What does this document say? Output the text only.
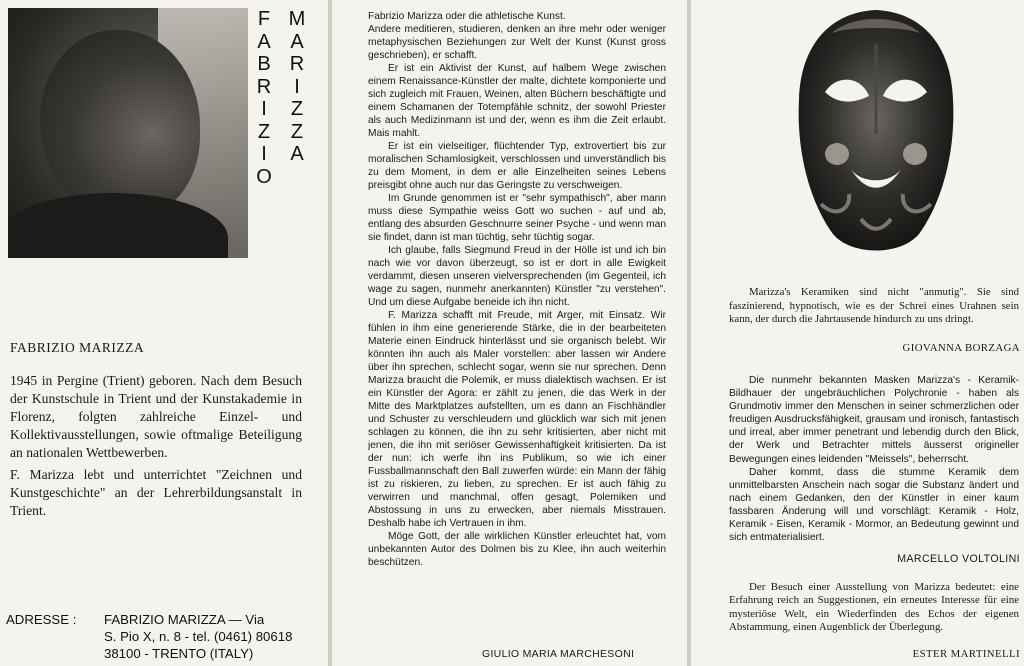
F
A
B
R
I
Z
I
O
M
A
R
I
Z
Z
A
FABRIZIO MARIZZA

1945 in Pergine (Trient) geboren. Nach dem Besuch der Kunstschule in Trient und der Kunstakademie in Florenz, folgten zahlreiche Einzel- und Kollektivausstellungen, sowie oftmalige Beteiligung an nationalen Wettbewerben.

F. Marizza lebt und unterrichtet "Zeichnen und Kunstgeschichte" an der Lehrerbildungsanstalt in Trient.

ADRESSE : FABRIZIO MARIZZA — Via
S. Pio X, n. 8 - tel. (0461) 80618
38100 - TRENTO (ITALY)

Fabrizio Marizza oder die athletische Kunst.

Andere meditieren, studieren, denken an ihre mehr oder weniger metaphysischen Beziehungen zur Welt der Kunst (Kunst gross geschrieben), er schafft.

Er ist ein Aktivist der Kunst, auf halbem Wege zwischen einem Renaissance-Künstler der malte, dichtete komponierte und sich zugleich mit Frauen, Weinen, alten Büchern beschäftigte und einem Schamanen der Totempfähle schnitz, der sowohl Priester als auch Medizinmann ist und der, wenn es ihm die Zeit erlaubt. Mais mahlt.

Er ist ein vielseitiger, flüchtender Typ, extrovertiert bis zur moralischen Schamlosigkeit, verschlossen und unverständlich bis zu dem Moment, in dem er alle Einzelheiten seines Lebens preisgibt ohne auch nur das Geringste zu verschweigen.

Im Grunde genommen ist er "sehr sympathisch", aber mann muss diese Sympathie weiss Gott wo suchen - auf und ab, entlang des absurden Geschnurre seiner Psyche - und wenn man sie findet, dann ist man tüchtig, sehr tüchtig sogar.

Ich glaube, falls Siegmund Freud in der Hölle ist und ich bin nach wie vor davon überzeugt, so ist er dort in alle Ewigkeit verdammt, diesen unseren vielversprechenden (im Gegenteil, ich wage zu sagen, nunmehr anerkannten) Künstler "zu verstehen". Und um diese Aufgabe beneide ich ihn nicht.

F. Marizza schafft mit Freude, mit Arger, mit Einsatz. Wir fühlen in ihm eine generierende Stärke, die in der bearbeiteten Materie einen Eindruck hinterlässt und sie organisch belebt. Wir könnten ihn auch als Maler vorstellen: aber lassen wir Andere über ihn sprechen, schlecht sogar, wenn sie nur sprechen. Denn Marizza braucht die Polemik, er muss dialektisch wachsen. Er ist ein Künstler der Agora: er zählt zu jenen, die das Werk in der Mitte des Marktplatzes aufstellten, um es dann an Fischhändler und Schuster zu verschleudern und glücklich war sich mit jenen schlagen zu können, die ihn zu sehr kritisierten, aber nicht mit jenen, die ihn mit seriöser Gewissenhaftigkeit kritisierten. Da ist der nun: ich werfe ihn ins Publikum, so wie ich einer Fussballmannschaft den Ball zuwerfen würde: ein Mann der fähig ist zu riskieren, zu lieben, zu sprechen. Er ist auch fähig zu verwirren und manchmal, offen gesagt, Polemiken und Abstossung in uns zu erwecken, aber niemals Misstrauen. Deshalb habe ich Vertrauen in ihm.

Möge Gott, der alle wirklichen Künstler erleuchtet hat, vom unbekannten Autor des Dolmen bis zu Klee, ihn auch weiterhin beschützen.

GIULIO MARIA MARCHESONI

Marizza's Keramiken sind nicht "anmutig". Sie sind faszinierend, hypnotisch, wie es der Schrei eines Urahnen sein kann, der durch die Jahrtausende hindurch zu uns dringt.

GIOVANNA BORZAGA

Die nunmehr bekannten Masken Marizza's - Keramik-Bildhauer der ungebräuchlichen Polychronie - haben als Grundmotiv immer den Menschen in seiner schmerzlichen oder freudigen Ausdrucksfähigkeit, grausam und ironisch, fantastisch und irreal, aber immer penetrant und lebendig durch den Blick, der Werk und Betrachter mittels äusserst origineller Bewegungen eines leidenden "Meissels", beherrscht.

Daher kommt, dass die stumme Keramik dem unmittelbarsten Anschein nach sogar die Substanz ändert und nach einem Gedanken, den der Künstler in einer kaum fassbaren Änderung will und vorschlägt: Keramik - Holz, Keramik - Eisen, Keramik - Mormor, an Bedeutung gewinnt und sich entmaterialisiert.

MARCELLO VOLTOLINI

Der Besuch einer Ausstellung von Marizza bedeutet: eine Erfahrung reich an Suggestionen, ein erneutes Interesse für eine mysteriöse Welt, ein Wiederfinden des Echos der eigenen Abstammung, einen Augenblick der Überlegung.

ESTER MARTINELLI
